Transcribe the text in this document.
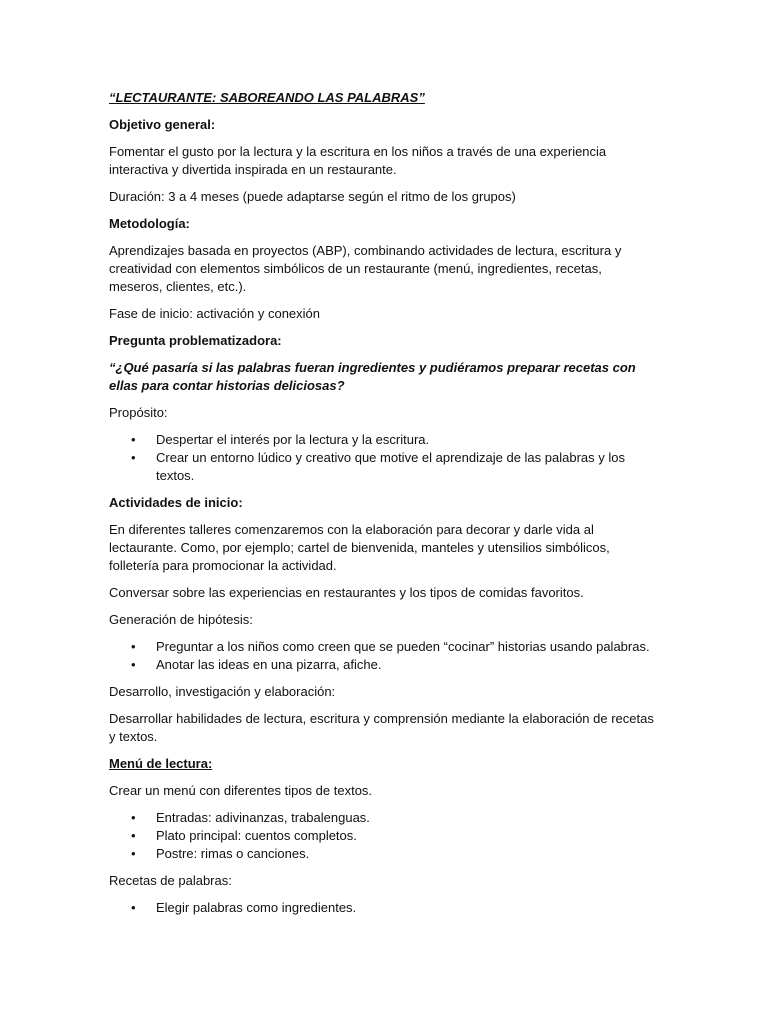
“LECTAURANTE: SABOREANDO LAS PALABRAS”
Objetivo general:
Fomentar el gusto por la lectura y la escritura en los niños a través de una experiencia interactiva y divertida inspirada en un restaurante.
Duración: 3 a 4 meses (puede adaptarse según el ritmo de los grupos)
Metodología:
Aprendizajes basada en proyectos (ABP), combinando actividades de lectura, escritura y creatividad con elementos simbólicos de un restaurante (menú, ingredientes, recetas, meseros, clientes, etc.).
Fase de inicio: activación y conexión
Pregunta problematizadora:
“¿Qué pasaría si las palabras fueran ingredientes y pudiéramos preparar recetas con ellas para contar historias deliciosas?
Propósito:
• Despertar el interés por la lectura y la escritura.
• Crear un entorno lúdico y creativo que motive el aprendizaje de las palabras y los textos.
Actividades de inicio:
En diferentes talleres comenzaremos con la elaboración para decorar y darle vida al lectaurante. Como, por ejemplo; cartel de bienvenida, manteles y utensilios simbólicos, folletería para promocionar la actividad.
Conversar sobre las experiencias en restaurantes y los tipos de comidas favoritos.
Generación de hipótesis:
• Preguntar a los niños como creen que se pueden “cocinar” historias usando palabras.
• Anotar las ideas en una pizarra, afiche.
Desarrollo, investigación y elaboración:
Desarrollar habilidades de lectura, escritura y comprensión mediante la elaboración de recetas y textos.
Menú de lectura:
Crear un menú con diferentes tipos de textos.
• Entradas: adivinanzas, trabalenguas.
• Plato principal: cuentos completos.
• Postre: rimas o canciones.
Recetas de palabras:
• Elegir palabras como ingredientes.
